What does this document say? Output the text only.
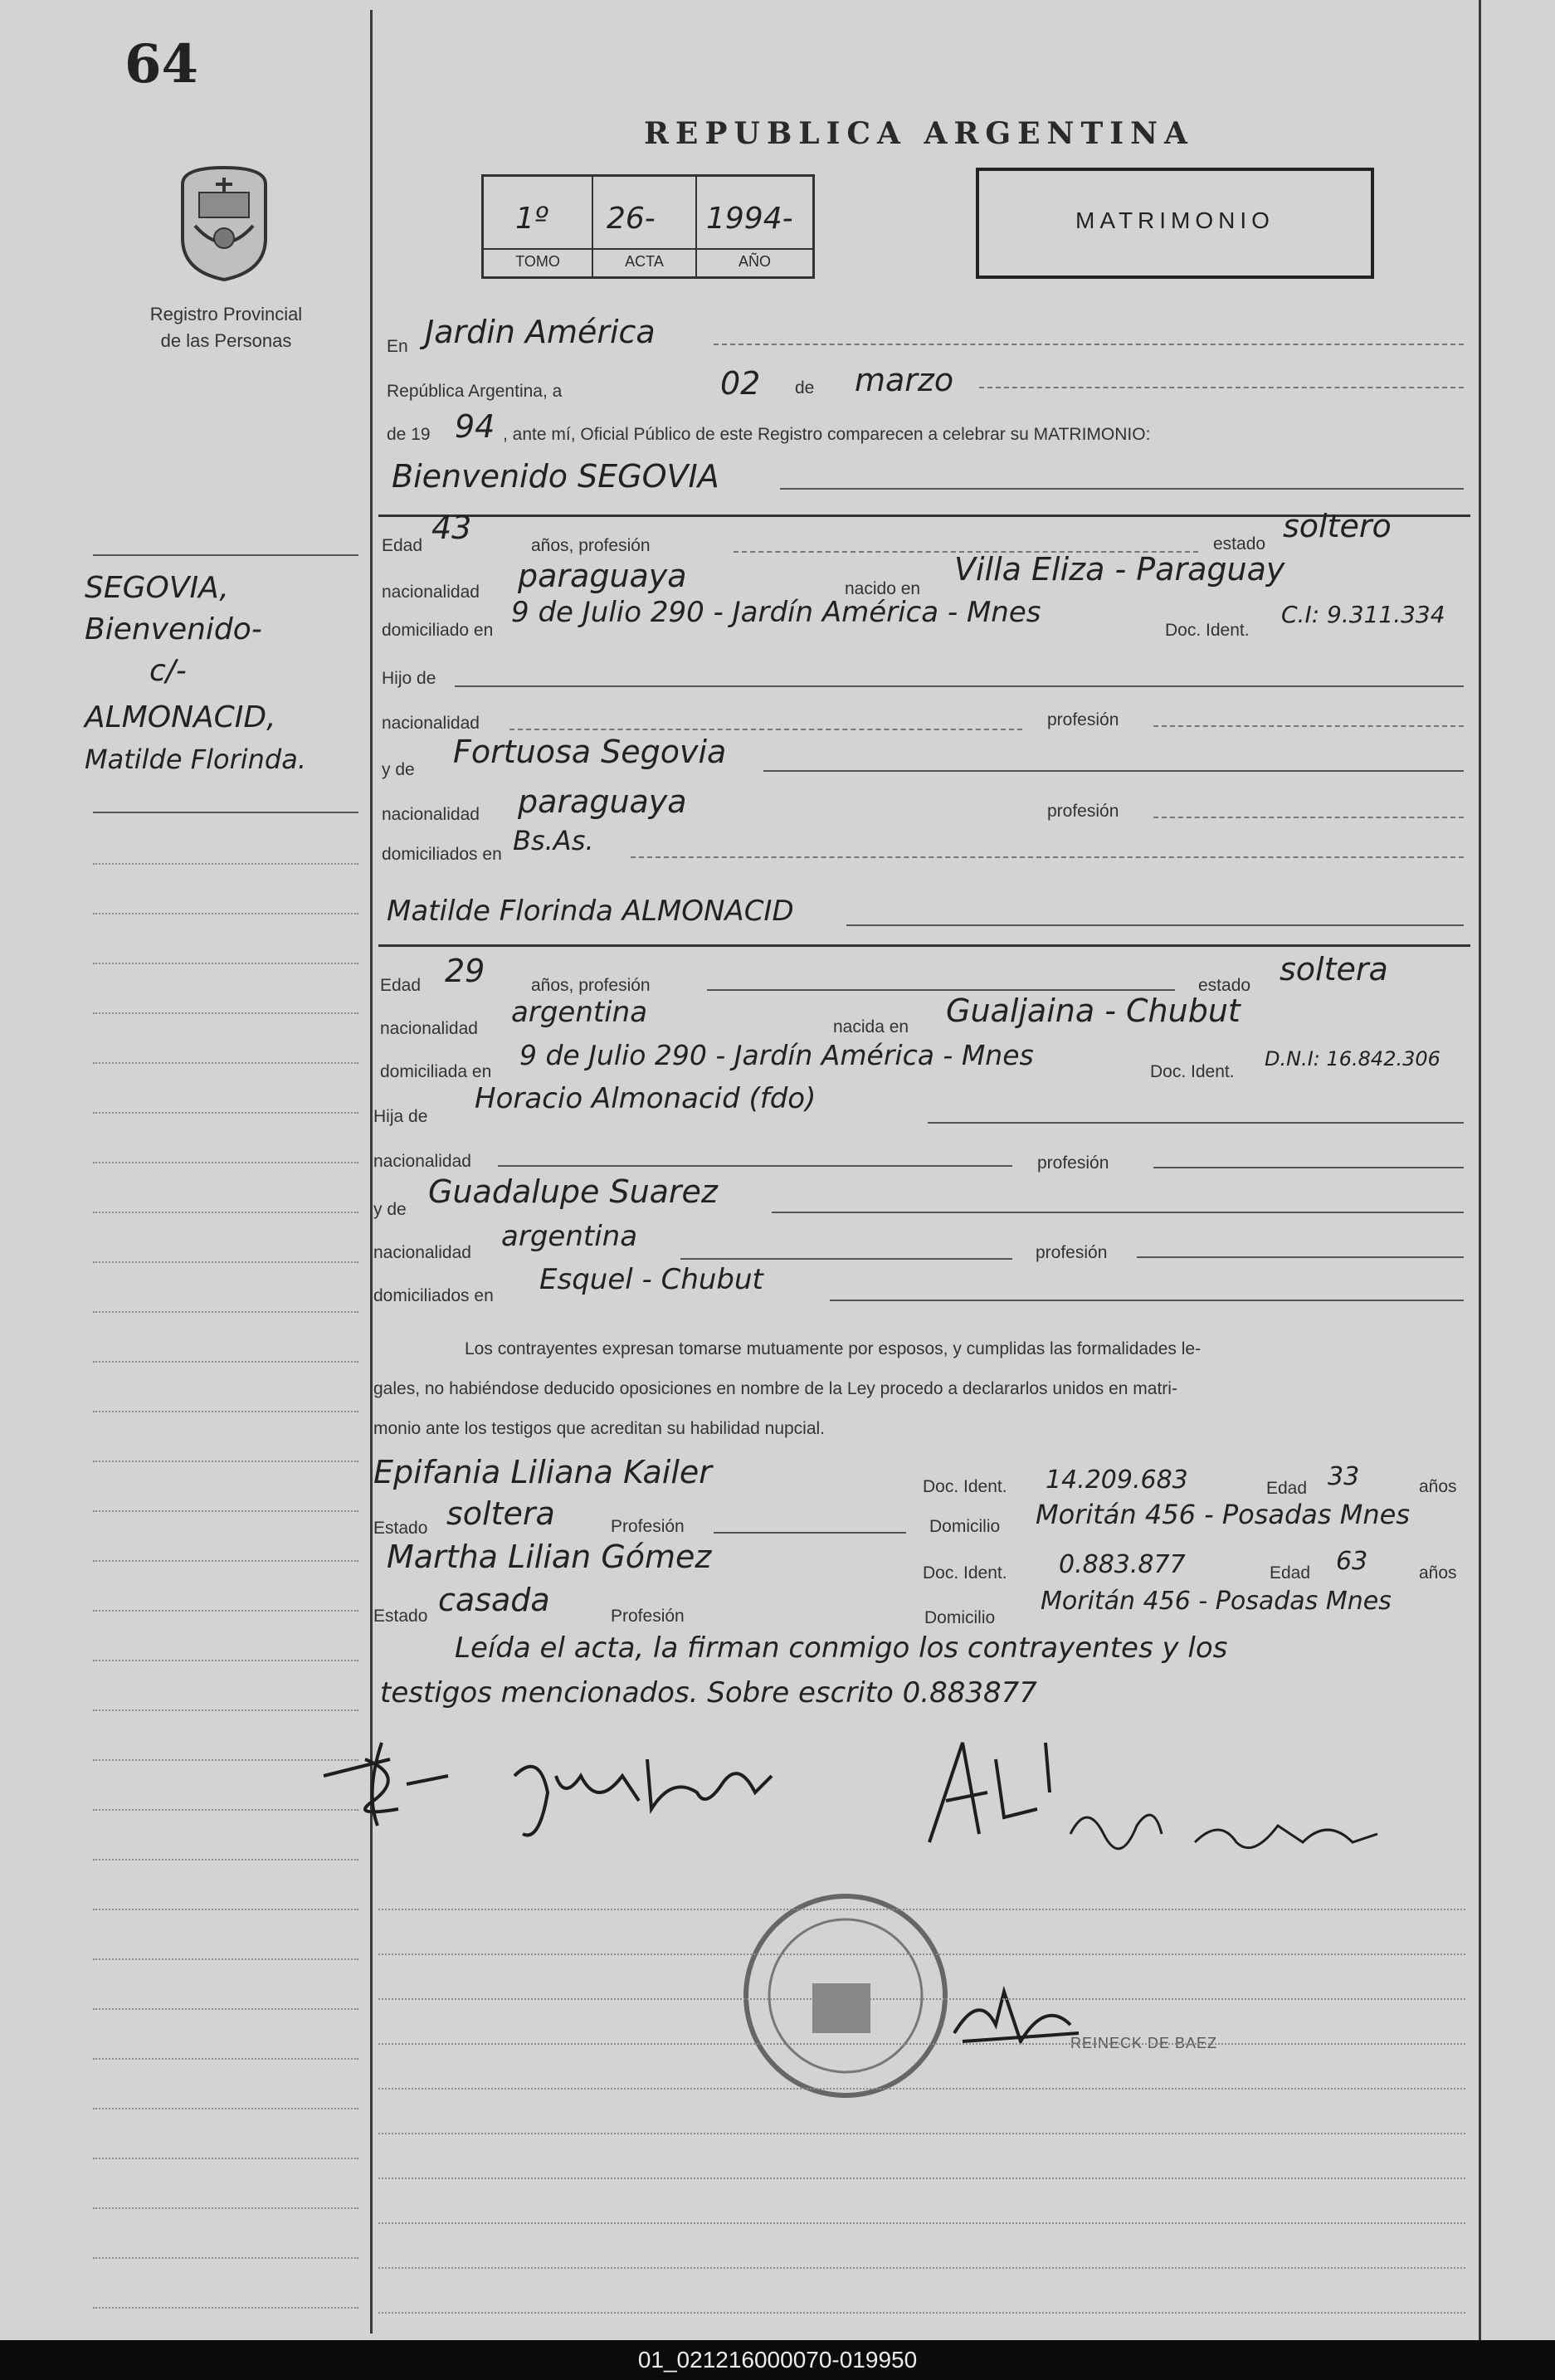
64
Registro Provincial
de las Personas
REPUBLICA ARGENTINA
1º 26- 1994-
TOMO	ACTA	AÑO
MATRIMONIO
SEGOVIA,
Bienvenido-
c/-
ALMONACID,
Matilde Florinda.
En Jardin América
República Argentina, a	02 de marzo
de 19 94 , ante mí, Oficial Público de este Registro comparecen a celebrar su MATRIMONIO:
Bienvenido SEGOVIA
Edad 43	años, profesión	estado soltero
nacionalidad paraguaya	nacido en
Villa Eliza - Paraguay
domiciliado en
9 de Julio 290 - Jardín América - Mnes
Doc. Ident.
C.I: 9.311.334
Hijo de
nacionalidad	profesión
y de Fortuosa Segovia
nacionalidad paraguaya	profesión
domiciliados en Bs.As.
Matilde Florinda ALMONACID
Edad 29	años, profesión	estado soltera
nacionalidad argentina	nacida en Gualjaina - Chubut
domiciliada en
9 de Julio 290 - Jardín América - Mnes
Doc. Ident.
D.N.I: 16.842.306
Hija de
Horacio Almonacid (fdo)
nacionalidad	profesión
y de Guadalupe Suarez
nacionalidad argentina	profesión
domiciliados en Esquel - Chubut
Los contrayentes expresan tomarse mutuamente por esposos, y cumplidas las formalidades le-
gales, no habiéndose deducido oposiciones en nombre de la Ley procedo a declararlos unidos en matri-
monio ante los testigos que acreditan su habilidad nupcial.
Epifania Liliana Kailer	Doc. Ident. 14.209.683	Edad 33	años
Estado soltera	Profesión	Domicilio Moritán 456 - Posadas Mnes
Martha Lilian Gómez	Doc. Ident. 0.883.877	Edad 63	años
Estado casada	Profesión	Domicilio
Moritán 456 - Posadas Mnes
Leída el acta, la firman conmigo los contrayentes y los
testigos mencionados. Sobre escrito 0.883877
REINECK DE BAEZ
01_021216000070-019950
